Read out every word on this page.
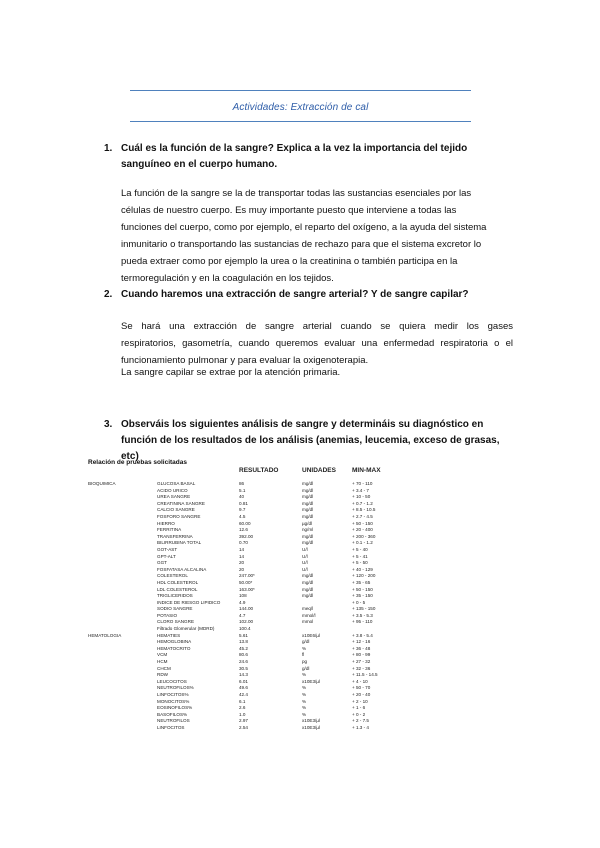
Actividades: Extracción de cal
1. Cuál es la función de la sangre? Explica a la vez la importancia del tejido sanguíneo en el cuerpo humano.

La función de la sangre se la de transportar todas las sustancias esenciales por las

células de nuestro cuerpo. Es muy importante puesto que interviene a todas las

funciones del cuerpo, como por ejemplo, el reparto del oxígeno, a la ayuda del sistema

inmunitario o transportando las sustancias de rechazo para que el sistema excretor lo

pueda extraer como por ejemplo la urea o la creatinina o también participa en la

termoregulación y en la coagulación en los tejidos.

2. Cuando haremos una extracción de sangre arterial? Y de sangre capilar?

Se hará una extracción de sangre arterial cuando se quiera medir los gases

respiratorios, gasometría, cuando queremos evaluar una enfermedad respiratoria o el

funcionamiento pulmonar y para evaluar la oxigenoterapia.

La sangre capilar se extrae por la atención primaria.

3. Observáis los siguientes análisis de sangre y determináis su diagnóstico en función de los resultados de los análisis (anemias, leucemia, exceso de grasas, etc)
Relación de pruebas solicitadas
		RESULTADO	UNIDADES	MIN-MAX
BIOQUIMICA	GLUCOSA BASAL	86	mg/dl	+ 70 - 110
	ACIDO URICO	5.1	mg/dl	+ 3.4 - 7
	UREA SANGRE	40	mg/dl	+ 10 - 50
	CREATININA SANGRE	0.81	mg/dl	+ 0.7 - 1.2
	CALCIO SANGRE	9.7	mg/dl	+ 8.5 - 10.5
	FOSFORO SANGRE	4.5	mg/dl	+ 2.7 - 4.5
	HIERRO	60.00	µg/dl	+ 50 - 150
	FERRITINA	12.6	ng/ml	+ 20 - 400
	TRANSFERRINA	392.00	mg/dl	+ 200 - 360
	BILIRRUBINA TOTAL	0.70	mg/dl	+ 0.1 - 1.2
	GOT-AST	14	U/l	+ 5 - 40
	GPT-ALT	14	U/l	+ 5 - 41
	GGT	20	U/l	+ 5 - 50
	FOSFATASA ALCALINA	20	U/l	+ 40 - 129
	COLESTEROL	247.00*	mg/dl	+ 120 - 200
	HDL COLESTEROL	50.00*	mg/dl	+ 35 - 65
	LDL COLESTEROL	163.00*	mg/dl	+ 50 - 150
	TRIGLICERIDOS	108	mg/dl	+ 35 - 150
	INDICE DE RIESGO LIPIDICO	4.9		+ 0 - 5
	SODIO SANGRE	144.00	meq/l	+ 135 - 150
	POTASIO	4.7	mmol/l	+ 3.5 - 5.3
	CLORO SANGRE	102.00	mmol	+ 95 - 110
	Filtrado Glomerular (MDRD)	100.4		
HEMATOLOGIA	HEMATIES	5.61	x10E6/µl	+ 3.8 - 5.4
	HEMOGLOBINA	13.8	g/dl	+ 12 - 16
	HEMATOCRITO	45.2	%	+ 36 - 48
	VCM	80.6	fl	+ 80 - 99
	HCM	24.6	pg	+ 27 - 32
	CHCM	30.5	g/dl	+ 32 - 36
	RDW	14.3	%	+ 11.5 - 14.5
	LEUCOCITOS	6.01	x10E3/µl	+ 4 - 10
	NEUTROFILOS%	49.6	%	+ 50 - 70
	LINFOCITOS%	42.4	%	+ 20 - 40
	MONOCITOS%	6.1	%	+ 2 - 10
	EOSINOFILOS%	2.6	%	+ 1 - 6
	BASOFILOS%	1.0	%	+ 0 - 2
	NEUTROFILOS	2.97	x10E3/µl	+ 2 - 7.5
	LINFOCITOS	2.54	x10E3/µl	+ 1.3 - 4
